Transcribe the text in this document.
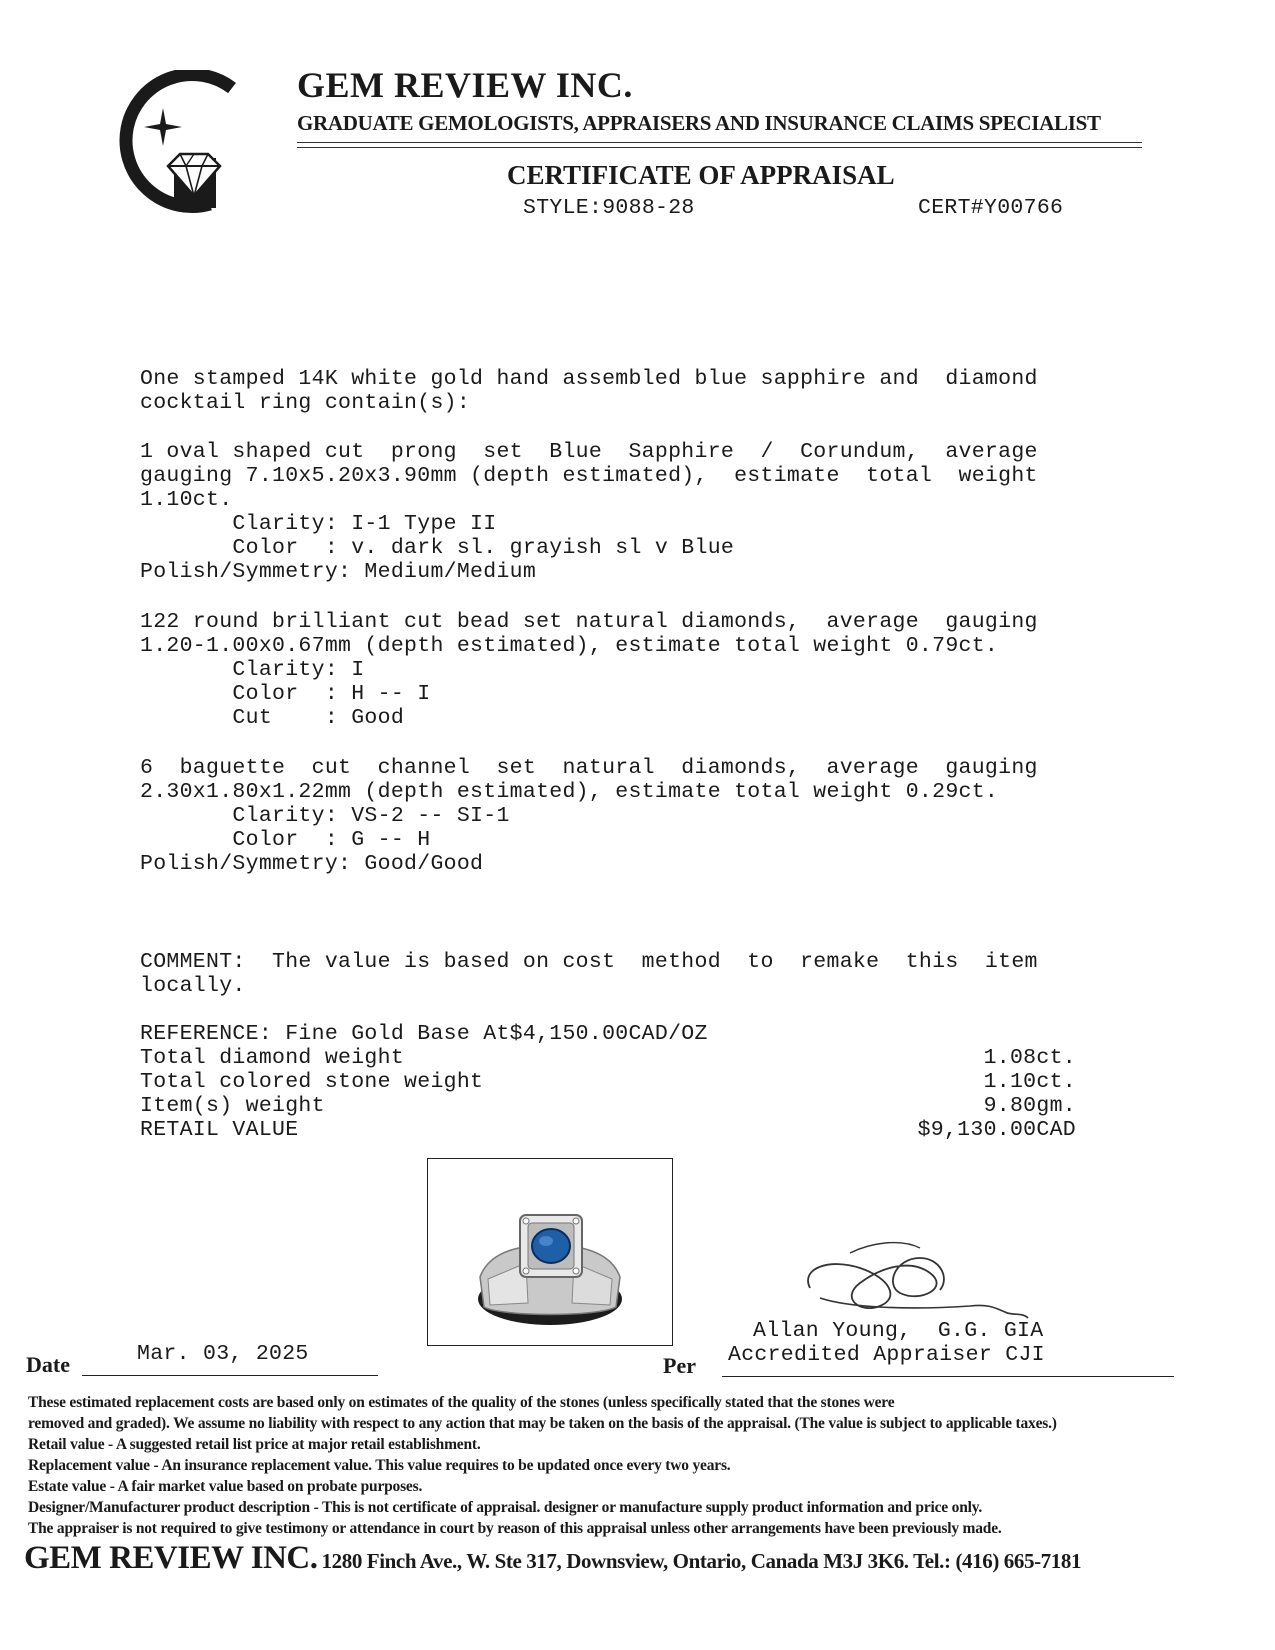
GEM REVIEW INC.
GRADUATE GEMOLOGISTS, APPRAISERS AND INSURANCE CLAIMS SPECIALIST
CERTIFICATE OF APPRAISAL
STYLE:9088-28	CERT#Y00766
One stamped 14K white gold hand assembled blue sapphire and  diamond
cocktail ring contain(s):
1 oval shaped cut  prong  set  Blue  Sapphire  /  Corundum,  average
gauging 7.10x5.20x3.90mm (depth estimated),  estimate  total  weight
1.10ct.
Clarity: I-1 Type II
Color  : v. dark sl. grayish sl v Blue
Polish/Symmetry: Medium/Medium
122 round brilliant cut bead set natural diamonds,  average  gauging
1.20-1.00x0.67mm (depth estimated), estimate total weight 0.79ct.
Clarity: I
Color  : H -- I
Cut    : Good
6  baguette  cut  channel  set  natural  diamonds,  average  gauging
2.30x1.80x1.22mm (depth estimated), estimate total weight 0.29ct.
Clarity: VS-2 -- SI-1
Color  : G -- H
Polish/Symmetry: Good/Good
COMMENT:  The value is based on cost  method  to  remake  this  item
locally.
REFERENCE: Fine Gold Base At$4,150.00CAD/OZ
Total diamond weight	1.08ct.
Total colored stone weight	1.10ct.
Item(s) weight	9.80gm.
RETAIL VALUE	$9,130.00CAD
Allan Young,  G.G. GIA
Accredited Appraiser CJI
Mar. 03, 2025
Date	Per
These estimated replacement costs are based only on estimates of the quality of the stones (unless specifically stated that the stones were
removed and graded). We assume no liability with respect to any action that may be taken on the basis of the appraisal. (The value is subject to applicable taxes.)
Retail value - A suggested retail list price at major retail establishment.
Replacement value - An insurance replacement value. This value requires to be updated once every two years.
Estate value - A fair market value based on probate purposes.
Designer/Manufacturer product description - This is not certificate of appraisal. designer or manufacture supply product information and price only.
The appraiser is not required to give testimony or attendance in court by reason of this appraisal unless other arrangements have been previously made.
GEM REVIEW INC. 1280 Finch Ave., W. Ste 317, Downsview, Ontario, Canada M3J 3K6. Tel.: (416) 665-7181
